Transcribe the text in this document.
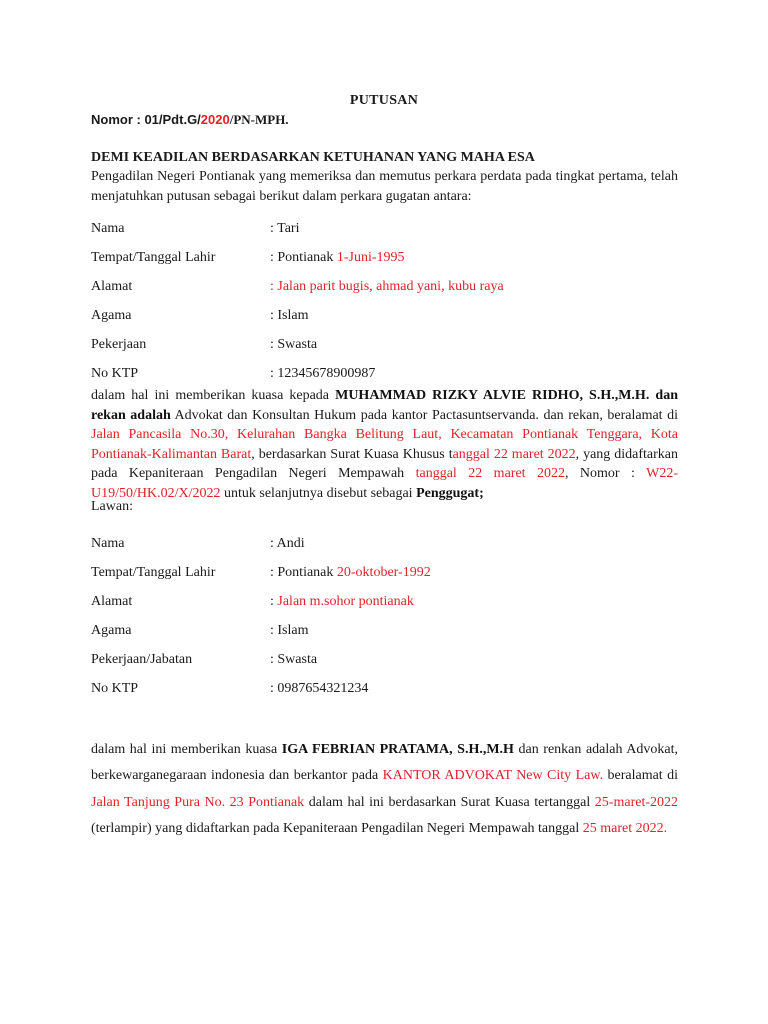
PUTUSAN
Nomor : 01/Pdt.G/2020/PN-MPH.
DEMI KEADILAN BERDASARKAN KETUHANAN YANG MAHA ESA
Pengadilan Negeri Pontianak yang memeriksa dan memutus perkara perdata pada tingkat pertama, telah menjatuhkan putusan sebagai berikut dalam perkara gugatan antara:
Nama	: Tari
Tempat/Tanggal Lahir	: Pontianak 1-Juni-1995
Alamat	: Jalan parit bugis, ahmad yani, kubu raya
Agama	: Islam
Pekerjaan	: Swasta
No KTP	: 12345678900987
dalam hal ini memberikan kuasa kepada MUHAMMAD RIZKY ALVIE RIDHO, S.H.,M.H. dan rekan adalah Advokat dan Konsultan Hukum pada kantor Pactasuntservanda. dan rekan, beralamat di Jalan Pancasila No.30, Kelurahan Bangka Belitung Laut, Kecamatan Pontianak Tenggara, Kota Pontianak-Kalimantan Barat, berdasarkan Surat Kuasa Khusus tanggal 22 maret 2022, yang didaftarkan pada Kepaniteraan Pengadilan Negeri Mempawah tanggal 22 maret 2022, Nomor : W22-U19/50/HK.02/X/2022 untuk selanjutnya disebut sebagai Penggugat;
Lawan:
Nama	: Andi
Tempat/Tanggal Lahir	: Pontianak 20-oktober-1992
Alamat	: Jalan m.sohor pontianak
Agama	: Islam
Pekerjaan/Jabatan	: Swasta
No KTP	: 0987654321234
dalam hal ini memberikan kuasa IGA FEBRIAN PRATAMA, S.H.,M.H dan renkan adalah Advokat, berkewarganegaraan indonesia dan berkantor pada KANTOR ADVOKAT New City Law. beralamat di Jalan Tanjung Pura No. 23 Pontianak dalam hal ini berdasarkan Surat Kuasa tertanggal 25-maret-2022 (terlampir) yang didaftarkan pada Kepaniteraan Pengadilan Negeri Mempawah tanggal 25 maret 2022.
